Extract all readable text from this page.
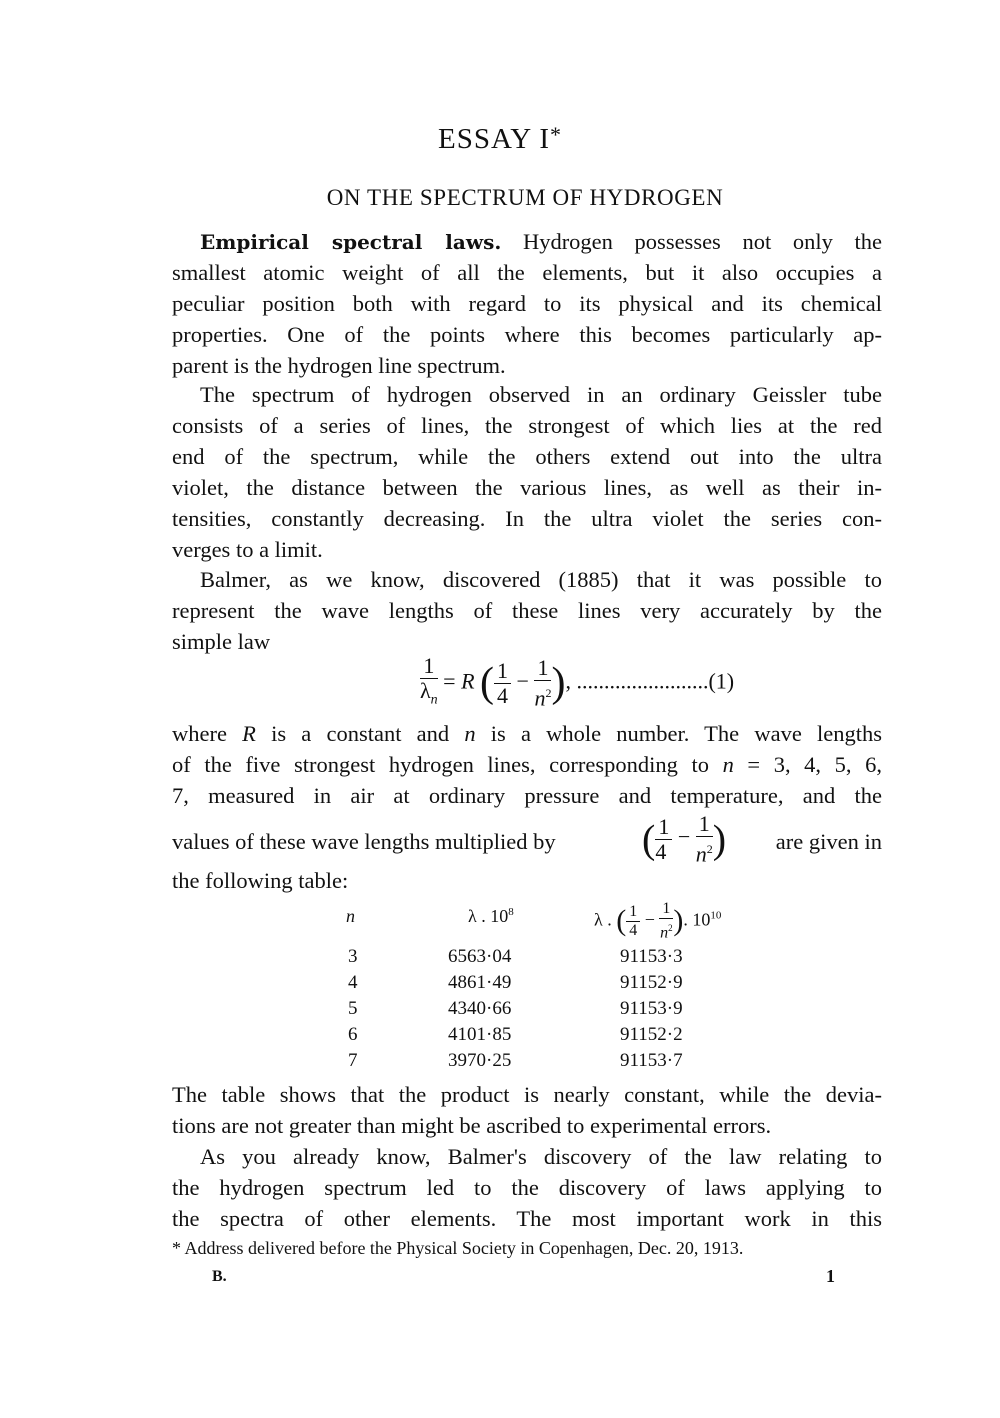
ESSAY I*
ON THE SPECTRUM OF HYDROGEN
Empirical spectral laws. Hydrogen possesses not only the
smallest atomic weight of all the elements, but it also occupies a
peculiar position both with regard to its physical and its chemical
properties. One of the points where this becomes particularly ap-
parent is the hydrogen line spectrum.
The spectrum of hydrogen observed in an ordinary Geissler tube
consists of a series of lines, the strongest of which lies at the red
end of the spectrum, while the others extend out into the ultra
violet, the distance between the various lines, as well as their in-
tensities, constantly decreasing. In the ultra violet the series con-
verges to a limit.
Balmer, as we know, discovered (1885) that it was possible to
represent the wave lengths of these lines very accurately by the
simple law
$\frac{1}{\lambda_n} = R$ ( $\frac{1}{4} - \frac{1}{n^2}$ ), ........................(1)
where R is a constant and n is a whole number. The wave lengths
of the five strongest hydrogen lines, corresponding to n = 3, 4, 5, 6,
7, measured in air at ordinary pressure and temperature, and the
values of these wave lengths multiplied by ( $\frac{1}{4} - \frac{1}{n^2}$ ) are given in
the following table:
n	λ . $10^8$	λ . ( $\frac{1}{4} - \frac{1}{n^2}$ ). $10^{10}$
3	6563·04	91153·3
4	4861·49	91152·9
5	4340·66	91153·9
6	4101·85	91152·2
7	3970·25	91153·7
The table shows that the product is nearly constant, while the devia-
tions are not greater than might be ascribed to experimental errors.
As you already know, Balmer's discovery of the law relating to
the hydrogen spectrum led to the discovery of laws applying to
the spectra of other elements. The most important work in this
* Address delivered before the Physical Society in Copenhagen, Dec. 20, 1913.
B.	1
